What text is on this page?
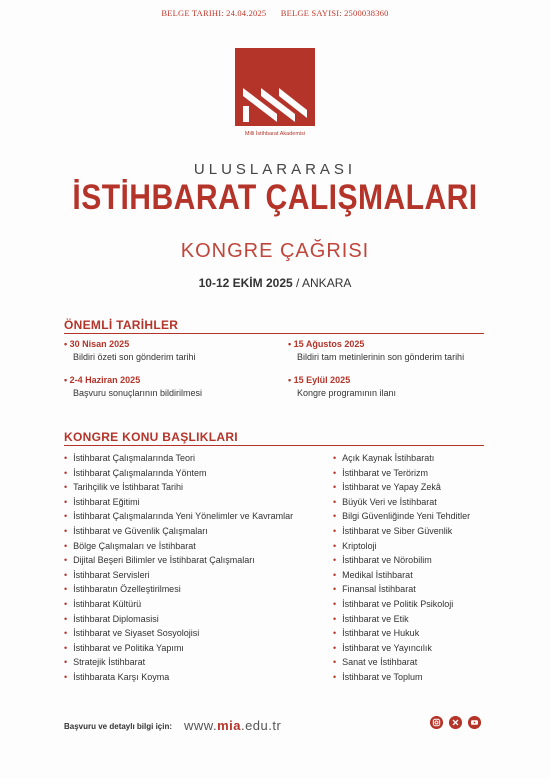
BELGE TARIHI: 24.04.2025 BELGE SAYISI: 2500038360
Milli İstihbarat Akademisi
ULUSLARARASI
İSTİHBARAT ÇALIŞMALARI
KONGRE ÇAĞRISI
10-12 EKİM 2025 / ANKARA
ÖNEMLİ TARİHLER
• 30 Nisan 2025
Bildiri özeti son gönderim tarihi
• 2-4 Haziran 2025
Başvuru sonuçlarının bildirilmesi
• 15 Ağustos 2025
Bildiri tam metinlerinin son gönderim tarihi
• 15 Eylül 2025
Kongre programının ilanı
KONGRE KONU BAŞLIKLARI
• İstihbarat Çalışmalarında Teori
• İstihbarat Çalışmalarında Yöntem
• Tarihçilik ve İstihbarat Tarihi
• İstihbarat Eğitimi
• İstihbarat Çalışmalarında Yeni Yönelimler ve Kavramlar
• İstihbarat ve Güvenlik Çalışmaları
• Bölge Çalışmaları ve İstihbarat
• Dijital Beşeri Bilimler ve İstihbarat Çalışmaları
• İstihbarat Servisleri
• İstihbaratın Özelleştirilmesi
• İstihbarat Kültürü
• İstihbarat Diplomasisi
• İstihbarat ve Siyaset Sosyolojisi
• İstihbarat ve Politika Yapımı
• Stratejik İstihbarat
• İstihbarata Karşı Koyma
• Açık Kaynak İstihbaratı
• İstihbarat ve Terörizm
• İstihbarat ve Yapay Zekâ
• Büyük Veri ve İstihbarat
• Bilgi Güvenliğinde Yeni Tehditler
• İstihbarat ve Siber Güvenlik
• Kriptoloji
• İstihbarat ve Nörobilim
• Medikal İstihbarat
• Finansal İstihbarat
• İstihbarat ve Politik Psikoloji
• İstihbarat ve Etik
• İstihbarat ve Hukuk
• İstihbarat ve Yayıncılık
• Sanat ve İstihbarat
• İstihbarat ve Toplum
Başvuru ve detaylı bilgi için: www.mia.edu.tr
